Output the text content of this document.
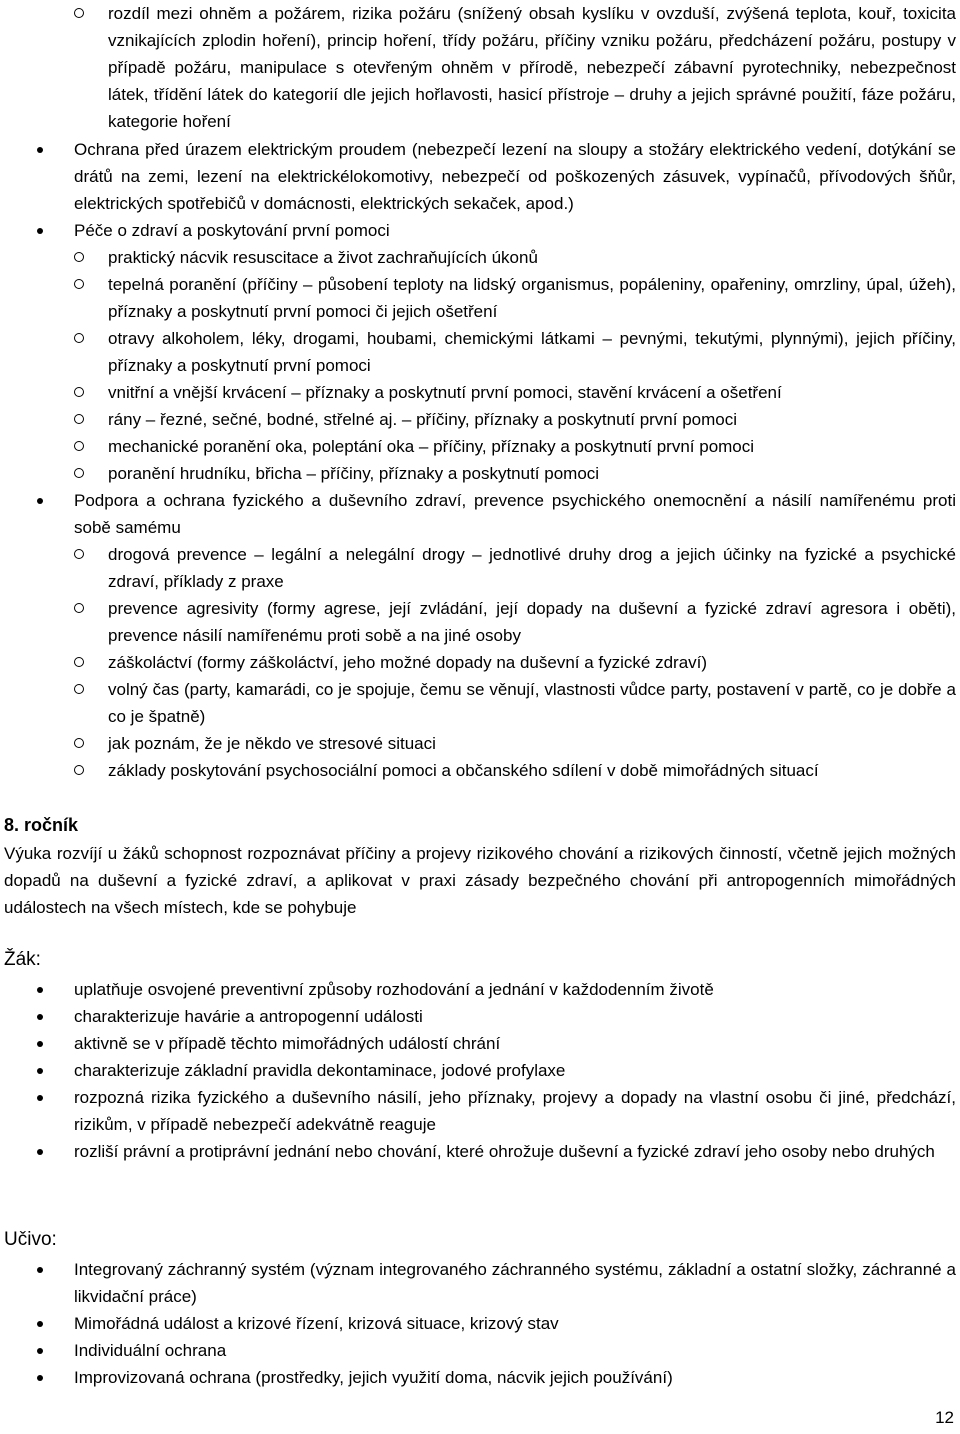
rozdíl mezi ohněm a požárem, rizika požáru (snížený obsah kyslíku v ovzduší, zvýšená teplota, kouř, toxicita vznikajících zplodin hoření), princip hoření, třídy požáru, příčiny vzniku požáru, předcházení požáru, postupy v případě požáru, manipulace s otevřeným ohněm v přírodě, nebezpečí zábavní pyrotechniky, nebezpečnost látek, třídění látek do kategorií dle jejich hořlavosti, hasicí přístroje – druhy a jejich správné použití, fáze požáru, kategorie hoření
Ochrana před úrazem elektrickým proudem (nebezpečí lezení na sloupy a stožáry elektrického vedení, dotýkání se drátů na zemi, lezení na elektrickélokomotivy, nebezpečí od poškozených zásuvek, vypínačů, přívodových šňůr, elektrických spotřebičů v domácnosti, elektrických sekaček, apod.)
Péče o zdraví a poskytování první pomoci
praktický nácvik resuscitace a život zachraňujících úkonů
tepelná poranění (příčiny – působení teploty na lidský organismus, popáleniny, opařeniny, omrzliny, úpal, úžeh), příznaky a poskytnutí první pomoci či jejich ošetření
otravy alkoholem, léky, drogami, houbami, chemickými látkami – pevnými, tekutými, plynnými), jejich příčiny, příznaky a poskytnutí první pomoci
vnitřní a vnější krvácení – příznaky a poskytnutí první pomoci, stavění krvácení a ošetření
rány – řezné, sečné, bodné, střelné aj. – příčiny, příznaky a poskytnutí první pomoci
mechanické poranění oka, poleptání oka – příčiny, příznaky a poskytnutí první pomoci
poranění hrudníku, břicha – příčiny, příznaky a poskytnutí pomoci
Podpora a ochrana fyzického a duševního zdraví, prevence psychického onemocnění a násilí namířenému proti sobě samému
drogová prevence – legální a nelegální drogy – jednotlivé druhy drog a jejich účinky na fyzické a psychické zdraví, příklady z praxe
prevence agresivity (formy agrese, její zvládání, její dopady na duševní a fyzické zdraví agresora i oběti), prevence násilí namířenému proti sobě a na jiné osoby
záškoláctví (formy záškoláctví, jeho možné dopady na duševní a fyzické zdraví)
volný čas (party, kamarádi, co je spojuje, čemu se věnují, vlastnosti vůdce party, postavení v partě, co je dobře a co je špatně)
jak poznám, že je někdo ve stresové situaci
základy poskytování psychosociální pomoci a občanského sdílení v době mimořádných situací
8. ročník
Výuka rozvíjí u žáků schopnost rozpoznávat příčiny a projevy rizikového chování a rizikových činností, včetně jejich možných dopadů na duševní a fyzické zdraví, a aplikovat v praxi zásady bezpečného chování při antropogenních mimořádných událostech na všech místech, kde se pohybuje
Žák:
uplatňuje osvojené preventivní způsoby rozhodování a jednání v každodenním životě
charakterizuje havárie a antropogenní události
aktivně se v případě těchto mimořádných událostí chrání
charakterizuje základní pravidla dekontaminace, jodové profylaxe
rozpozná rizika fyzického a duševního násilí, jeho příznaky, projevy a dopady na vlastní osobu či jiné, předchází, rizikům, v případě nebezpečí adekvátně reaguje
rozliší právní a protiprávní jednání nebo chování, které ohrožuje duševní a fyzické zdraví jeho osoby nebo druhých
Učivo:
Integrovaný záchranný systém (význam integrovaného záchranného systému, základní a ostatní složky, záchranné a likvidační práce)
Mimořádná událost a krizové řízení, krizová situace, krizový stav
Individuální ochrana
Improvizovaná ochrana (prostředky, jejich využití doma, nácvik jejich používání)
12
